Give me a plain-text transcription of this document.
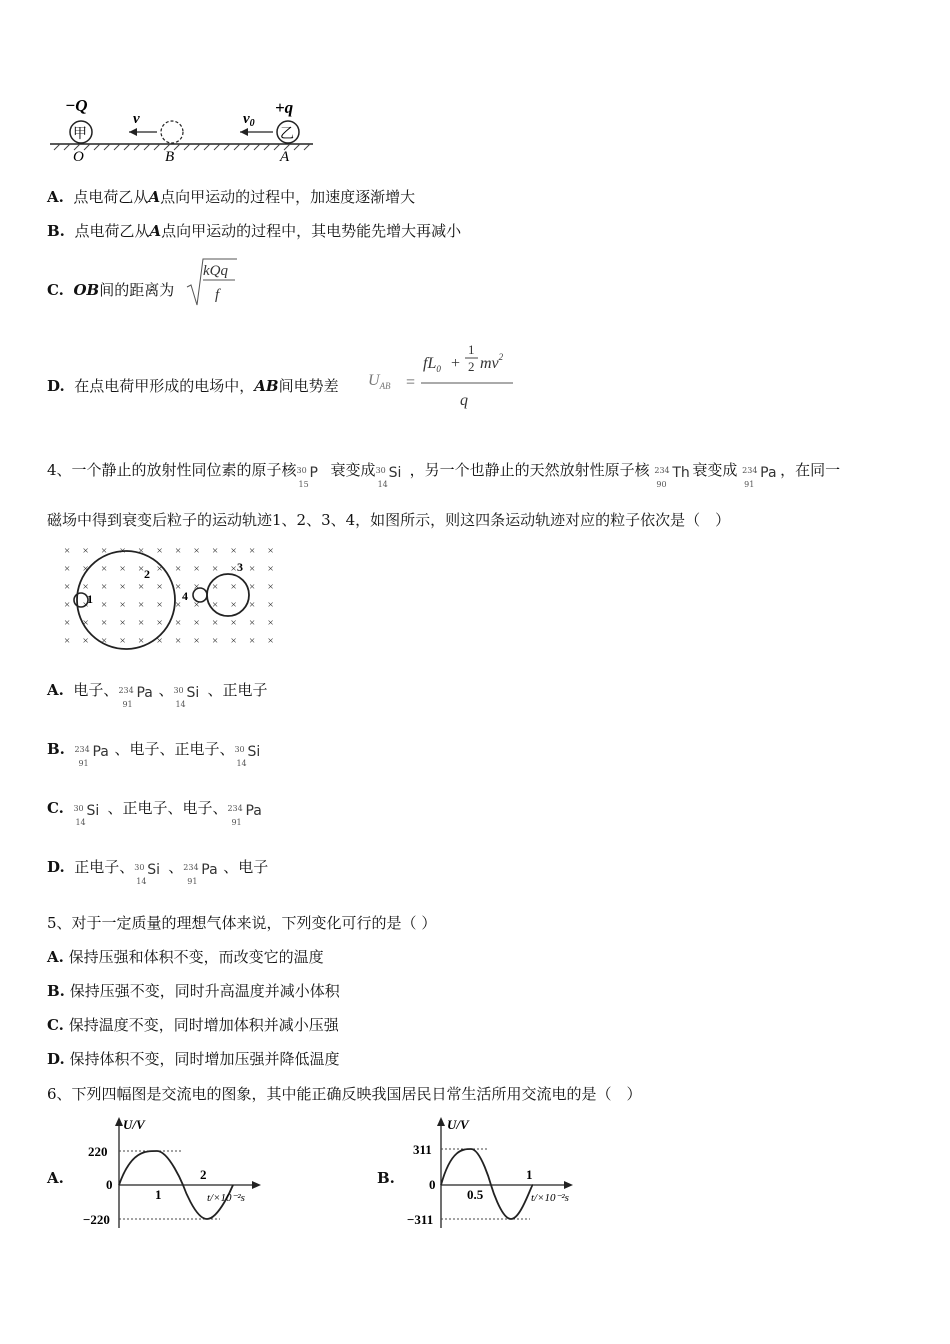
−Q	+q
甲	乙
v	$v_0$
O	B	A
A. 点电荷乙从A点向甲运动的过程中，加速度逐渐增大
B. 点电荷乙从A点向甲运动的过程中，其电势能先增大再减小
C. OB间的距离为
kQq
f
D. 在点电荷甲形成的电场中，AB间电势差 $U_{AB}$ =
$fL_0$ +
1
2 $mv^2$
q
4、一个静止的放射性同位素的原子核 30
15
P 衰变成 30
14
Si ，另一个也静止的天然放射性原子核 234
90
Th 衰变成 234
91
Pa ，在同一
磁场中得到衰变后粒子的运动轨迹1、2、3、4，如图所示，则这四条运动轨迹对应的粒子依次是（　）
× × × × × × × × × × × ×
× × × × × × × × × × × ×
× × × × × × × × × × × ×
× × × × × × × × × × × ×
× × × × × × × × × × × ×
× × × × × × × × × × × ×
1
2	3
4
A. 电子、 234
91
Pa 、 30
14
Si 、正电子
B. 234
91
Pa 、电子、正电子、 30
14
Si
C. 30
14
Si 、正电子、电子、 234
91
Pa
D. 正电子、 30
14
Si 、 234
91
Pa 、电子
5、对于一定质量的理想气体来说，下列变化可行的是（ ）
A. 保持压强和体积不变，而改变它的温度
B. 保持压强不变，同时升高温度并减小体积
C. 保持温度不变，同时增加体积并减小压强
D. 保持体积不变，同时增加压强并降低温度
6、下列四幅图是交流电的图象，其中能正确反映我国居民日常生活所用交流电的是（　）
A.
U/V
220
0
−220
1
2
t/×10⁻²s
B.
U/V
311
0
−311
0.5
1
t/×10⁻²s
